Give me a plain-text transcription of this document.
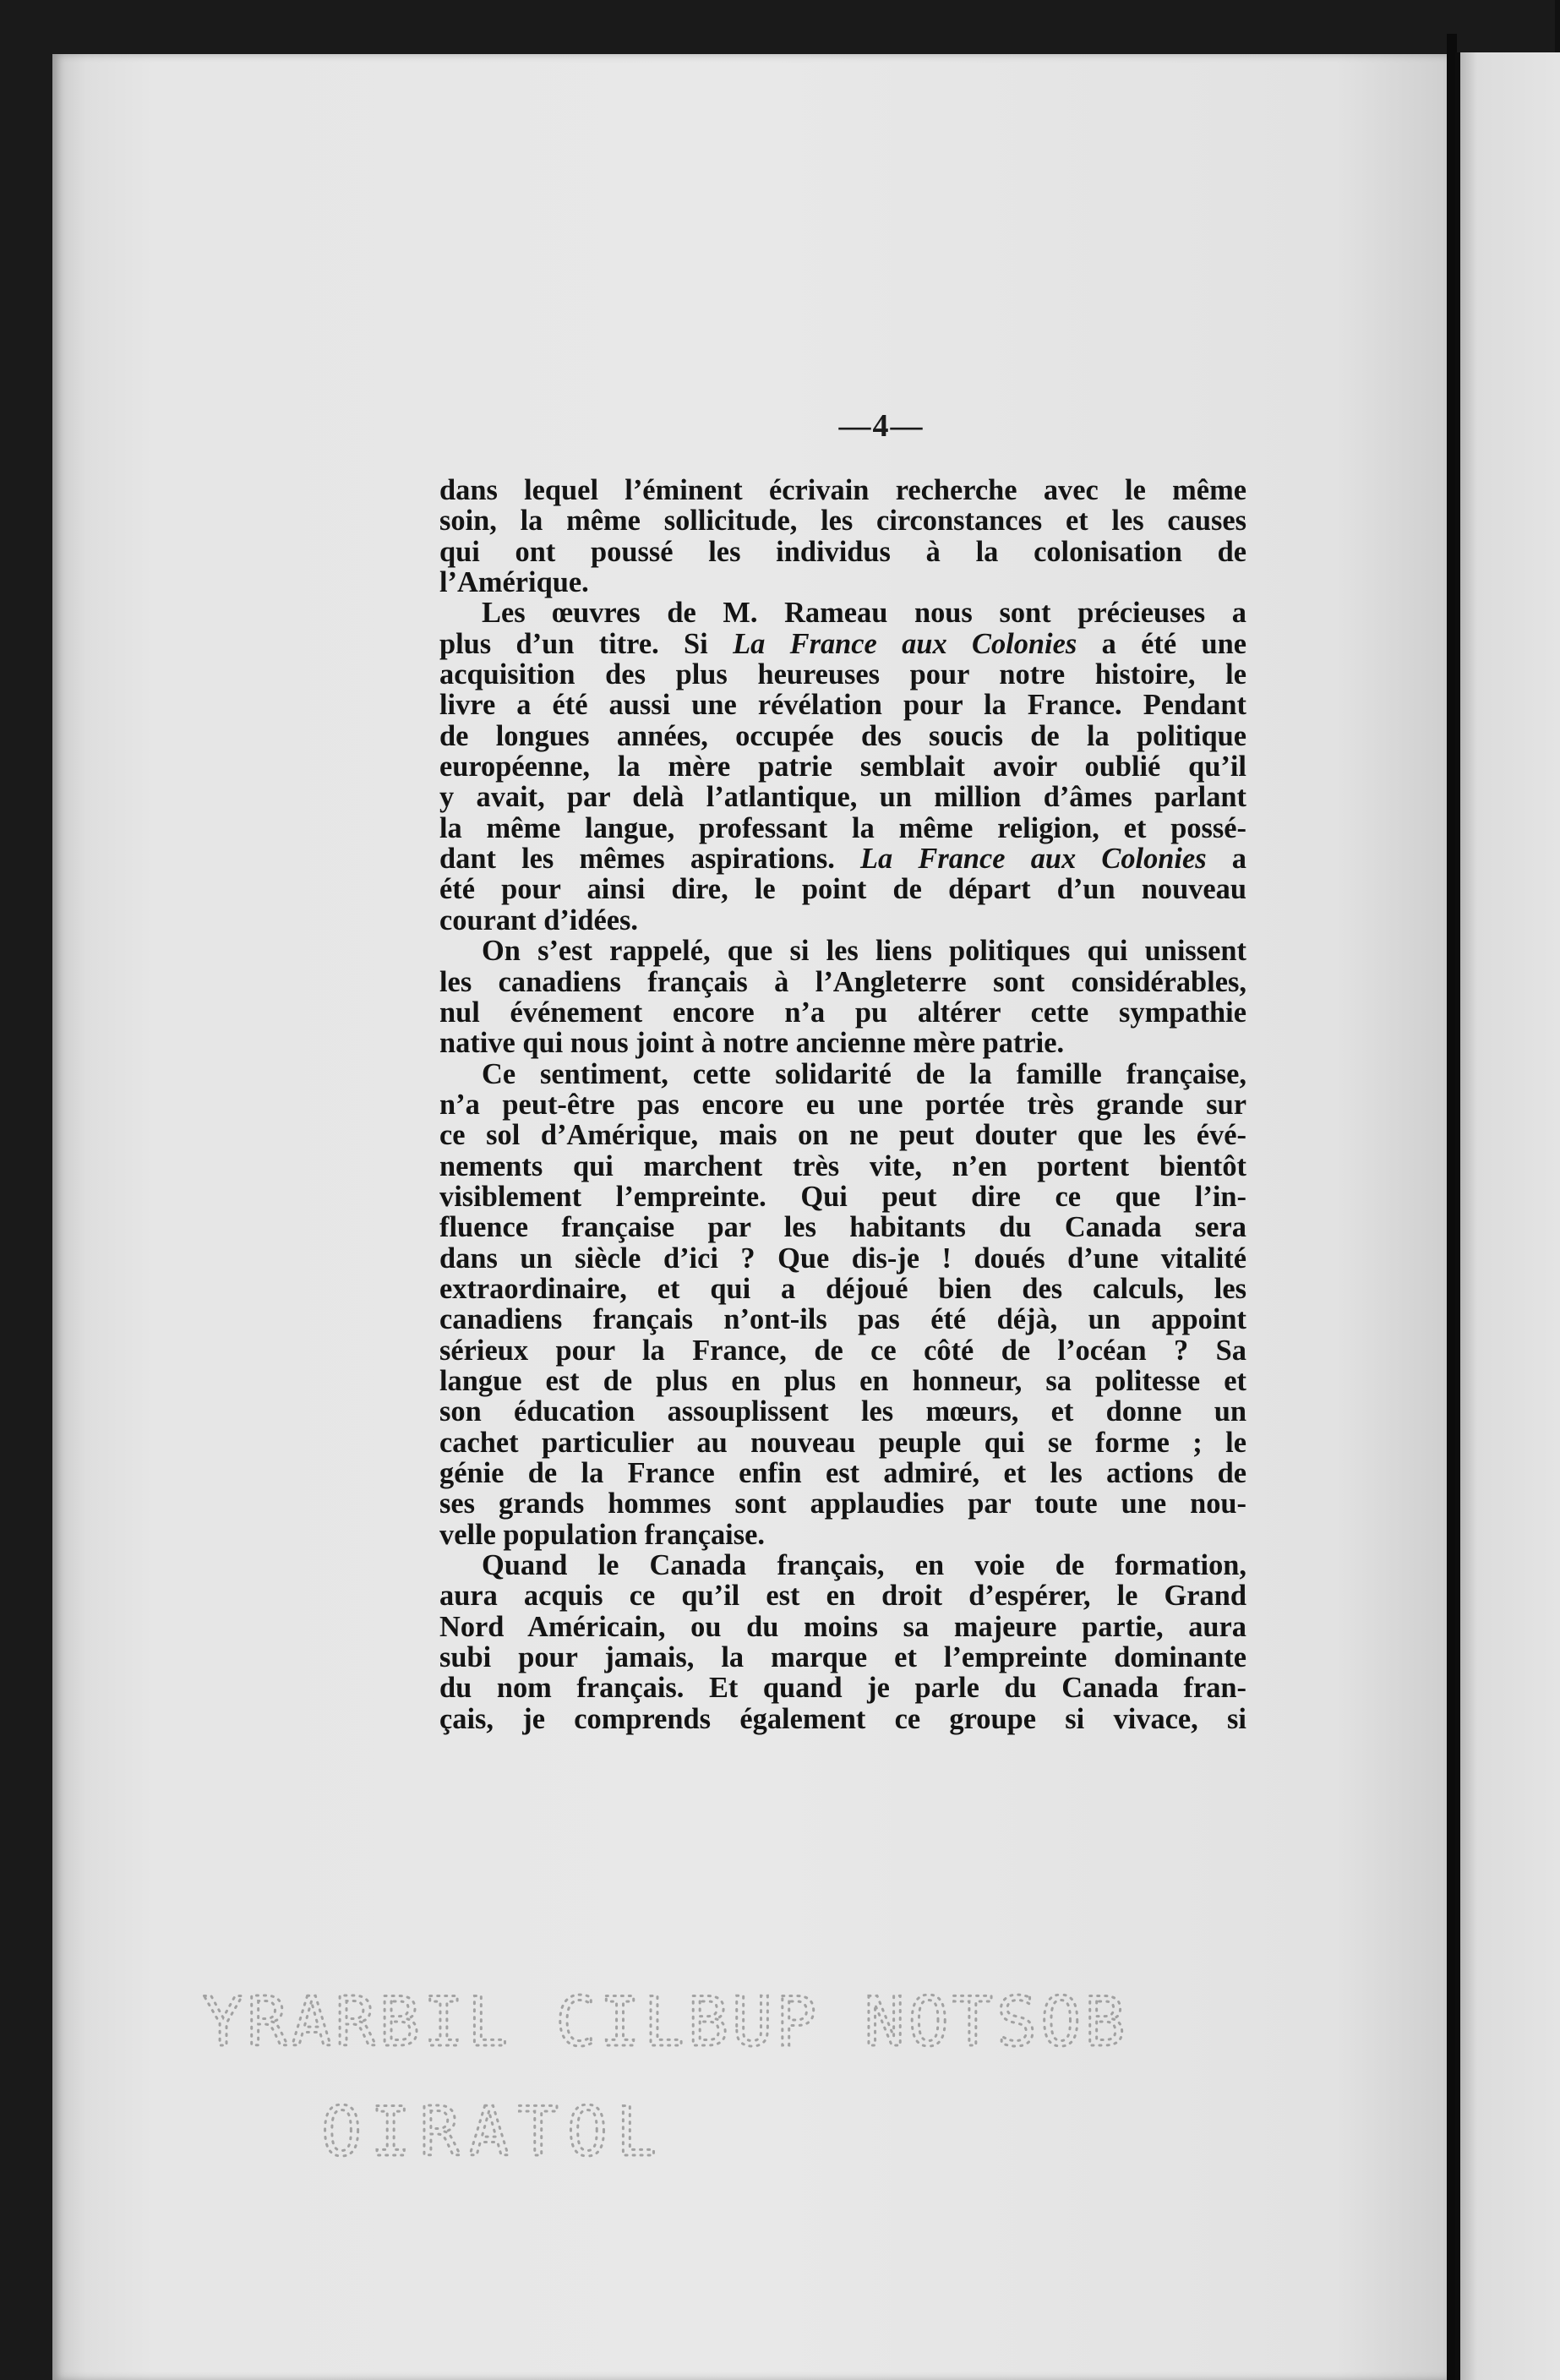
—4—
dans lequel l’éminent écrivain recherche avec le même
soin, la même sollicitude, les circonstances et les causes
qui ont poussé les individus à la colonisation de
l’Amérique.
Les œuvres de M. Rameau nous sont précieuses a
plus d’un titre. Si La France aux Colonies a été une
acquisition des plus heureuses pour notre histoire, le
livre a été aussi une révélation pour la France. Pendant
de longues années, occupée des soucis de la politique
européenne, la mère patrie semblait avoir oublié qu’il
y avait, par delà l’atlantique, un million d’âmes parlant
la même langue, professant la même religion, et possé-
dant les mêmes aspirations. La France aux Colonies a
été pour ainsi dire, le point de départ d’un nouveau
courant d’idées.
On s’est rappelé, que si les liens politiques qui unissent
les canadiens français à l’Angleterre sont considérables,
nul événement encore n’a pu altérer cette sympathie
native qui nous joint à notre ancienne mère patrie.
Ce sentiment, cette solidarité de la famille française,
n’a peut-être pas encore eu une portée très grande sur
ce sol d’Amérique, mais on ne peut douter que les évé-
nements qui marchent très vite, n’en portent bientôt
visiblement l’empreinte. Qui peut dire ce que l’in-
fluence française par les habitants du Canada sera
dans un siècle d’ici ? Que dis-je ! doués d’une vitalité
extraordinaire, et qui a déjoué bien des calculs, les
canadiens français n’ont-ils pas été déjà, un appoint
sérieux pour la France, de ce côté de l’océan ? Sa
langue est de plus en plus en honneur, sa politesse et
son éducation assouplissent les mœurs, et donne un
cachet particulier au nouveau peuple qui se forme ; le
génie de la France enfin est admiré, et les actions de
ses grands hommes sont applaudies par toute une nou-
velle population française.
Quand le Canada français, en voie de formation,
aura acquis ce qu’il est en droit d’espérer, le Grand
Nord Américain, ou du moins sa majeure partie, aura
subi pour jamais, la marque et l’empreinte dominante
du nom français. Et quand je parle du Canada fran-
çais, je comprends également ce groupe si vivace, si
YRARBIL CILBUP NOTSOB
OIRATOL
